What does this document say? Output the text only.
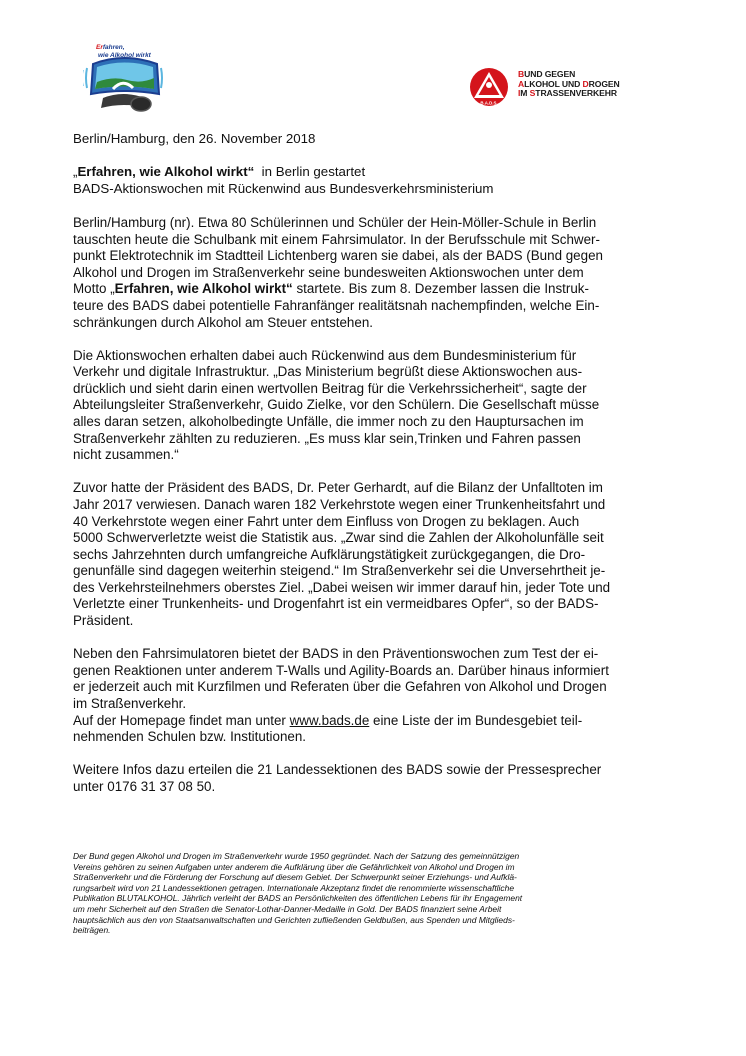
Erfahren,
wie Alkohol wirkt
B.A.D.S.
BUND GEGEN
ALKOHOL UND DROGEN
IM STRASSENVERKEHR
Berlin/Hamburg, den 26. November 2018
„Erfahren, wie Alkohol wirkt“  in Berlin gestartet
BADS-Aktionswochen mit Rückenwind aus Bundesverkehrsministerium
Berlin/Hamburg (nr). Etwa 80 Schülerinnen und Schüler der Hein-Möller-Schule in Berlin
tauschten heute die Schulbank mit einem Fahrsimulator. In der Berufsschule mit Schwer-
punkt Elektrotechnik im Stadtteil Lichtenberg waren sie dabei, als der BADS (Bund gegen
Alkohol und Drogen im Straßenverkehr seine bundesweiten Aktionswochen unter dem
Motto „Erfahren, wie Alkohol wirkt“ startete. Bis zum 8. Dezember lassen die Instruk-
teure des BADS dabei potentielle Fahranfänger realitätsnah nachempfinden, welche Ein-
schränkungen durch Alkohol am Steuer entstehen.
Die Aktionswochen erhalten dabei auch Rückenwind aus dem Bundesministerium für
Verkehr und digitale Infrastruktur. „Das Ministerium begrüßt diese Aktionswochen aus-
drücklich und sieht darin einen wertvollen Beitrag für die Verkehrssicherheit“, sagte der
Abteilungsleiter Straßenverkehr, Guido Zielke, vor den Schülern. Die Gesellschaft müsse
alles daran setzen, alkoholbedingte Unfälle, die immer noch zu den Hauptursachen im
Straßenverkehr zählten zu reduzieren. „Es muss klar sein,Trinken und Fahren passen
nicht zusammen.“
Zuvor hatte der Präsident des BADS, Dr. Peter Gerhardt, auf die Bilanz der Unfalltoten im
Jahr 2017 verwiesen. Danach waren 182 Verkehrstote wegen einer Trunkenheitsfahrt und
40 Verkehrstote wegen einer Fahrt unter dem Einfluss von Drogen zu beklagen. Auch
5000 Schwerverletzte weist die Statistik aus. „Zwar sind die Zahlen der Alkoholunfälle seit
sechs Jahrzehnten durch umfangreiche Aufklärungstätigkeit zurückgegangen, die Dro-
genunfälle sind dagegen weiterhin steigend.“ Im Straßenverkehr sei die Unversehrtheit je-
des Verkehrsteilnehmers oberstes Ziel. „Dabei weisen wir immer darauf hin, jeder Tote und
Verletzte einer Trunkenheits- und Drogenfahrt ist ein vermeidbares Opfer“, so der BADS-
Präsident.
Neben den Fahrsimulatoren bietet der BADS in den Präventionswochen zum Test der ei-
genen Reaktionen unter anderem T-Walls und Agility-Boards an. Darüber hinaus informiert
er jederzeit auch mit Kurzfilmen und Referaten über die Gefahren von Alkohol und Drogen
im Straßenverkehr.
Auf der Homepage findet man unter www.bads.de eine Liste der im Bundesgebiet teil-
nehmenden Schulen bzw. Institutionen.
Weitere Infos dazu erteilen die 21 Landessektionen des BADS sowie der Pressesprecher
unter 0176 31 37 08 50.
Der Bund gegen Alkohol und Drogen im Straßenverkehr wurde 1950 gegründet. Nach der Satzung des gemeinnützigen
Vereins gehören zu seinen Aufgaben unter anderem die Aufklärung über die Gefährlichkeit von Alkohol und Drogen im
Straßenverkehr und die Förderung der Forschung auf diesem Gebiet. Der Schwerpunkt seiner Erziehungs- und Aufklä-
rungsarbeit wird von 21 Landessektionen getragen. Internationale Akzeptanz findet die renommierte wissenschaftliche
Publikation BLUTALKOHOL. Jährlich verleiht der BADS an Persönlichkeiten des öffentlichen Lebens für ihr Engagement
um mehr Sicherheit auf den Straßen die Senator-Lothar-Danner-Medaille in Gold. Der BADS finanziert seine Arbeit
hauptsächlich aus den von Staatsanwaltschaften und Gerichten zufließenden Geldbußen, aus Spenden und Mitglieds-
beiträgen.
